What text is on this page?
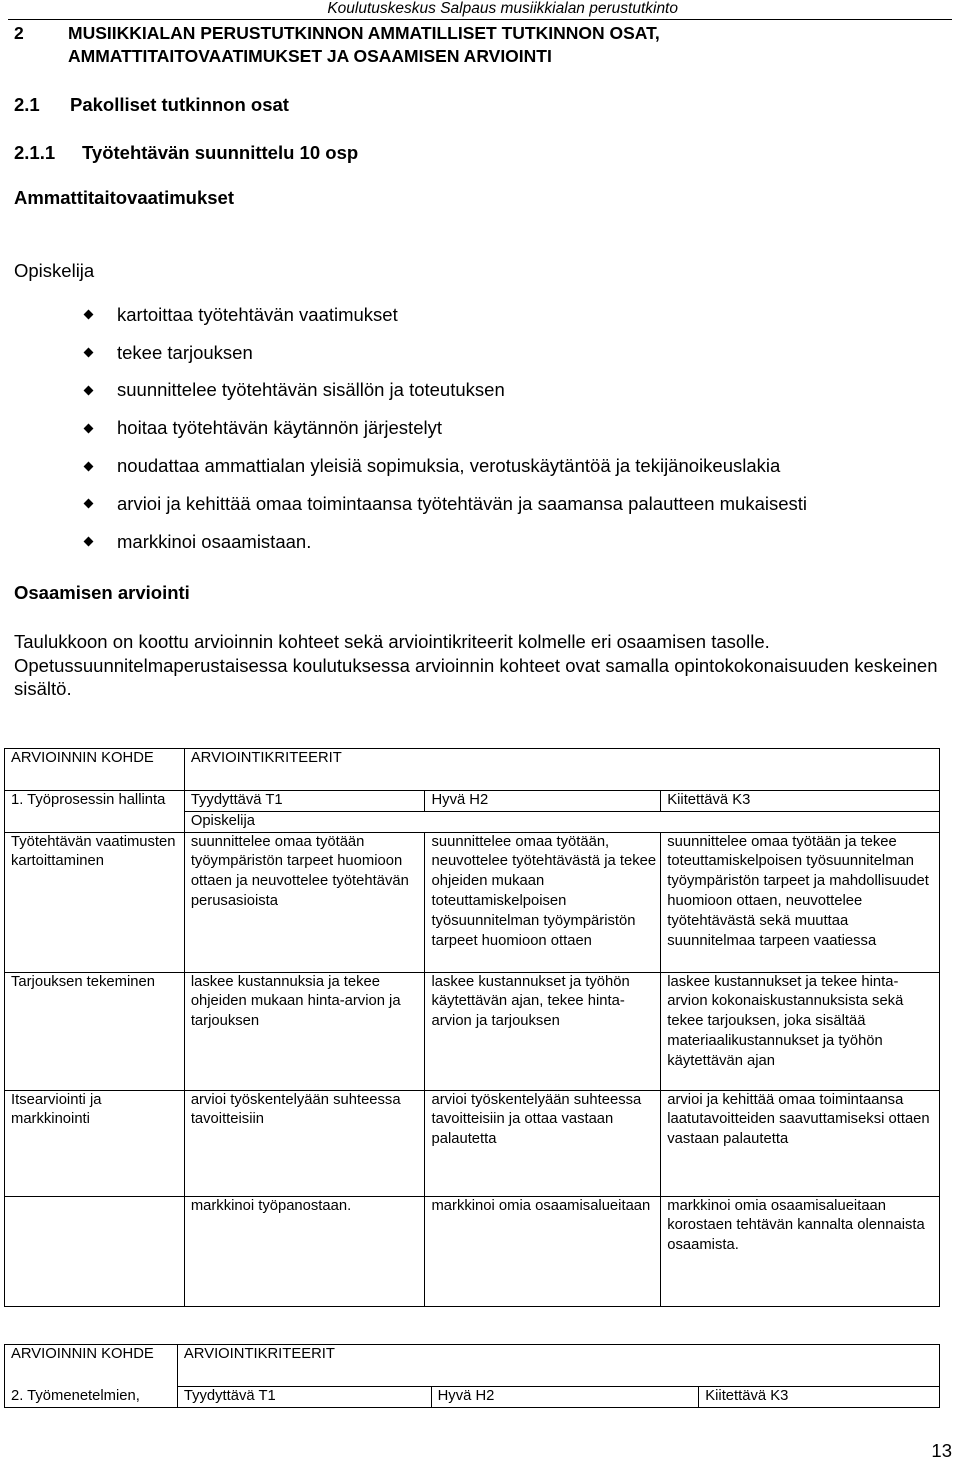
Koulutuskeskus Salpaus musiikkialan perustutkinto
2	MUSIIKKIALAN PERUSTUTKINNON AMMATILLISET TUTKINNON OSAT,
AMMATTITAITOVAATIMUKSET JA OSAAMISEN ARVIOINTI
2.1 Pakolliset tutkinnon osat
2.1.1 Työtehtävän suunnittelu 10 osp
Ammattitaitovaatimukset
Opiskelija
kartoittaa työtehtävän vaatimukset
tekee tarjouksen
suunnittelee työtehtävän sisällön ja toteutuksen
hoitaa työtehtävän käytännön järjestelyt
noudattaa ammattialan yleisiä sopimuksia, verotuskäytäntöä ja tekijänoikeuslakia
arvioi ja kehittää omaa toimintaansa työtehtävän ja saamansa palautteen mukaisesti
markkinoi osaamistaan.
Osaamisen arviointi

Taulukkoon on koottu arvioinnin kohteet sekä arviointikriteerit kolmelle eri osaamisen tasolle.

Opetussuunnitelmaperustaisessa koulutuksessa arvioinnin kohteet ovat samalla opintokokonaisuuden keskeinen sisältö.

ARVIOINNIN KOHDE	ARVIOINTIKRITEERIT		

1. Työprosessin hallinta	Tyydyttävä T1	Hyvä H2	Kiitettävä K3

	Opiskelija		

Työtehtävän vaatimusten kartoittaminen	suunnittelee omaa työtään työympäristön tarpeet huomioon ottaen ja neuvottelee työtehtävän perusasioista	suunnittelee omaa työtään, neuvottelee työtehtävästä ja tekee ohjeiden mukaan toteuttamiskelpoisen työsuunnitelman työympäristön tarpeet huomioon ottaen	suunnittelee omaa työtään ja tekee toteuttamiskelpoisen työsuunnitelman työympäristön tarpeet ja mahdollisuudet huomioon ottaen, neuvottelee työtehtävästä sekä muuttaa suunnitelmaa tarpeen vaatiessa

Tarjouksen tekeminen	laskee kustannuksia ja tekee ohjeiden mukaan hinta-arvion ja tarjouksen	laskee kustannukset ja työhön käytettävän ajan, tekee hinta-arvion ja tarjouksen	laskee kustannukset ja tekee hinta-arvion kokonaiskustannuksista sekä tekee tarjouksen, joka sisältää materiaalikustannukset ja työhön käytettävän ajan

Itsearviointi ja markkinointi	arvioi työskentelyään suhteessa tavoitteisiin	arvioi työskentelyään suhteessa tavoitteisiin ja ottaa vastaan palautetta	arvioi ja kehittää omaa toimintaansa laatutavoitteiden saavuttamiseksi ottaen vastaan palautetta

	markkinoi työpanostaan.	markkinoi omia osaamisalueitaan	markkinoi omia osaamisalueitaan korostaen tehtävän kannalta olennaista osaamista.
ARVIOINNIN KOHDE	ARVIOINTIKRITEERIT		

2. Työmenetelmien,	Tyydyttävä T1	Hyvä H2	Kiitettävä K3
13
